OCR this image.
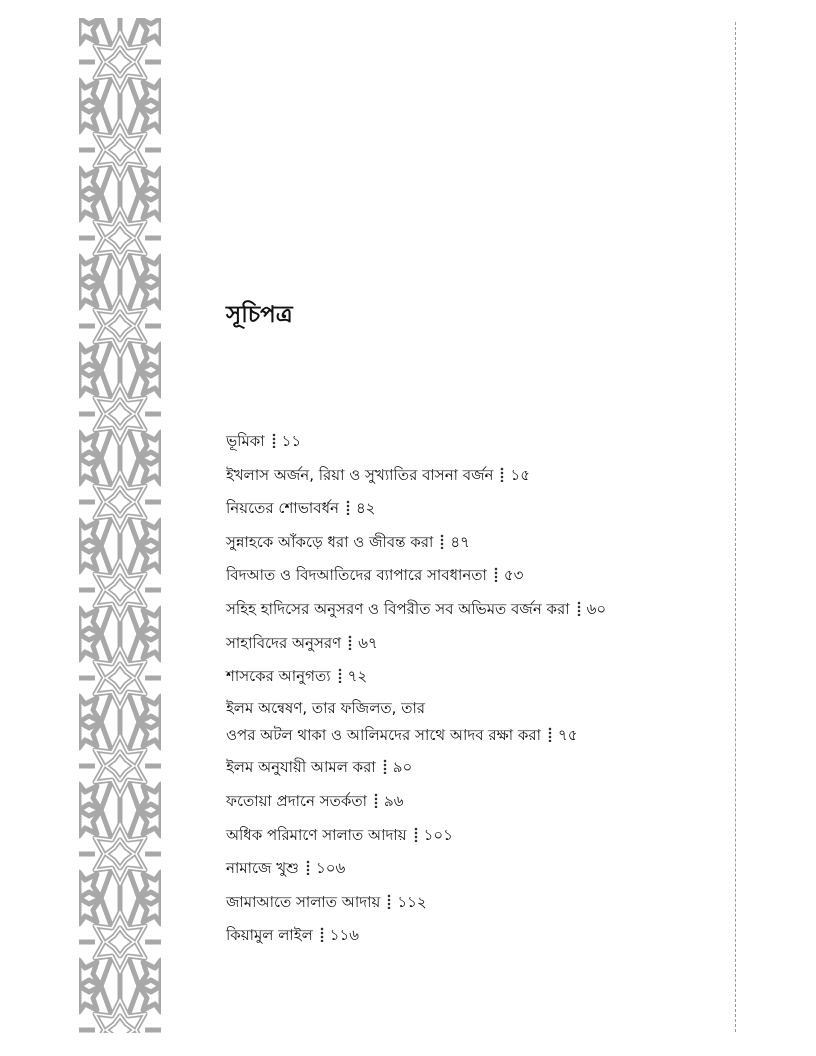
সূচিপত্র
ভূমিকা ১১
ইখলাস অর্জন, রিয়া ও সুখ্যাতির বাসনা বর্জন ১৫
নিয়তের শোভাবর্ধন ৪২
সুন্নাহকে আঁকড়ে ধরা ও জীবন্ত করা ৪৭
বিদআত ও বিদআতিদের ব্যাপারে সাবধানতা ৫৩
সহিহ হাদিসের অনুসরণ ও বিপরীত সব অভিমত বর্জন করা ৬০
সাহাবিদের অনুসরণ ৬৭
শাসকের আনুগত্য ৭২
ইলম অন্বেষণ, তার ফজিলত, তার
ওপর অটল থাকা ও আলিমদের সাথে আদব রক্ষা করা ৭৫
ইলম অনুযায়ী আমল করা ৯০
ফতোয়া প্রদানে সতর্কতা ৯৬
অধিক পরিমাণে সালাত আদায় ১০১
নামাজে খুশু ১০৬
জামাআতে সালাত আদায় ১১২
কিয়ামুল লাইল ১১৬
